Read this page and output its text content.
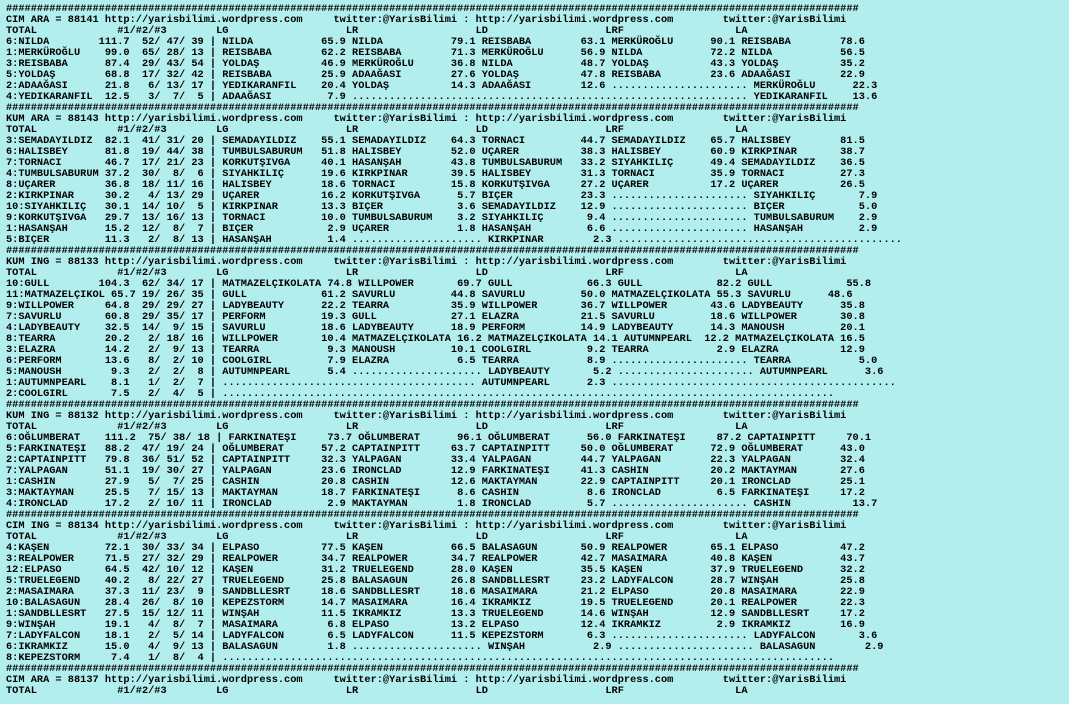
##########################################################################################################################################
CIM ARA = 88141 http://yarisbilimi.wordpress.com     twitter:@YarisBilimi : http://yarisbilimi.wordpress.com        twitter:@YarisBilimi
TOTAL             #1/#2/#3        LG                   LR                   LD                   LRF                  LA
6:NILDA        111.7  52/ 47/ 39 | NILDA           65.9 NILDA           79.1 REISBABA        63.1 MERKÜROĞLU      90.1 REISBABA        78.6
1:MERKÜROĞLU    99.0  65/ 28/ 13 | REISBABA        62.2 REISBABA        71.3 MERKÜROĞLU      56.9 NILDA           72.2 NILDA           56.5
3:REISBABA      87.4  29/ 43/ 54 | YOLDAŞ          46.9 MERKÜROĞLU      36.8 NILDA           48.7 YOLDAŞ          43.3 YOLDAŞ          35.2
5:YOLDAŞ        68.8  17/ 32/ 42 | REISBABA        25.9 ADAAĞASI        27.6 YOLDAŞ          47.8 REISBABA        23.6 ADAAĞASI        22.9
2:ADAAĞASI      21.8   6/ 13/ 17 | YEDIKARANFIL    20.4 YOLDAŞ          14.3 ADAAĞASI        12.6 ...................... MERKÜROĞLU      22.3
4:YEDIKARANFIL  12.5   3/  7/  5 | ADAAĞASI         7.9 ................................................................ YEDIKARANFIL    13.6
##########################################################################################################################################
KUM ARA = 88143 http://yarisbilimi.wordpress.com     twitter:@YarisBilimi : http://yarisbilimi.wordpress.com        twitter:@YarisBilimi
TOTAL             #1/#2/#3        LG                   LR                   LD                   LRF                  LA
3:SEMADAYILDIZ  82.1  41/ 31/ 20 | SEMADAYILDIZ    55.1 SEMADAYILDIZ    64.3 TORNACI         44.7 SEMADAYILDIZ    65.7 HALISBEY        81.5
6:HALISBEY      81.8  19/ 44/ 38 | TUMBULSABURUM   51.8 HALISBEY        52.0 UÇARER          38.3 HALISBEY        60.9 KIRKPINAR       38.7
7:TORNACI       46.7  17/ 21/ 23 | KORKUTŞIVGA     40.1 HASANŞAH        43.8 TUMBULSABURUM   33.2 SIYAHKILIÇ      49.4 SEMADAYILDIZ    36.5
4:TUMBULSABURUM 37.2  30/  8/  6 | SIYAHKILIÇ      19.6 KIRKPINAR       39.5 HALISBEY        31.3 TORNACI         35.9 TORNACI         27.3
8:UÇARER        36.8  18/ 11/ 16 | HALISBEY        18.6 TORNACI         15.8 KORKUTŞIVGA     27.2 UÇARER          17.2 UÇARER          26.5
2:KIRKPINAR     30.2   4/ 13/ 29 | UÇARER          16.2 KORKUTŞIVGA      5.7 BIÇER           23.3 ...................... SIYAHKILIÇ       7.9
10:SIYAHKILIÇ   30.1  14/ 10/  5 | KIRKPINAR       13.3 BIÇER            3.6 SEMADAYILDIZ    12.9 ...................... BIÇER            5.0
9:KORKUTŞIVGA   29.7  13/ 16/ 13 | TORNACI         10.0 TUMBULSABURUM    3.2 SIYAHKILIÇ       9.4 ...................... TUMBULSABURUM    2.9
1:HASANŞAH      15.2  12/  8/  7 | BIÇER            2.9 UÇARER           1.8 HASANŞAH         6.6 ...................... HASANŞAH         2.9
5:BIÇER         11.3   2/  8/ 13 | HASANŞAH         1.4 ..................... KIRKPINAR        2.3 ..............................................
##########################################################################################################################################
KUM ING = 88133 http://yarisbilimi.wordpress.com     twitter:@YarisBilimi : http://yarisbilimi.wordpress.com        twitter:@YarisBilimi
TOTAL             #1/#2/#3        LG                   LR                   LD                   LRF                  LA
10:GULL        104.3  62/ 34/ 17 | MATMAZELÇIKOLATA 74.8 WILLPOWER       69.7 GULL            66.3 GULL            82.2 GULL            55.8
11:MATMAZELÇIKOL 65.7 19/ 26/ 35 | GULL            61.2 SAVURLU         44.8 SAVURLU         50.0 MATMAZELÇIKOLATA 55.3 SAVURLU      48.6
9:WILLPOWER     64.8  29/ 29/ 27 | LADYBEAUTY      22.2 TEARRA          35.9 WILLPOWER       36.7 WILLPOWER       43.6 LADYBEAUTY      35.8
7:SAVURLU       60.8  29/ 35/ 17 | PERFORM         19.3 GULL            27.1 ELAZRA          21.5 SAVURLU         18.6 WILLPOWER       30.8
4:LADYBEAUTY    32.5  14/  9/ 15 | SAVURLU         18.6 LADYBEAUTY      18.9 PERFORM         14.9 LADYBEAUTY      14.3 MANOUSH         20.1
8:TEARRA        20.2   2/ 18/ 16 | WILLPOWER       10.4 MATMAZELÇIKOLATA 16.2 MATMAZELÇIKOLATA 14.1 AUTUMNPEARL  12.2 MATMAZELÇIKOLATA 16.5
3:ELAZRA        14.2   2/  9/ 13 | TEARRA           9.3 MANOUSH         10.1 COOLGIRL         9.2 TEARRA           2.9 ELAZRA          12.9
6:PERFORM       13.6   8/  2/ 10 | COOLGIRL         7.9 ELAZRA           6.5 TEARRA           8.9 ...................... TEARRA           5.0
5:MANOUSH        9.3   2/  2/  8 | AUTUMNPEARL      5.4 ..................... LADYBEAUTY       5.2 ...................... AUTUMNPEARL      3.6
1:AUTUMNPEARL    8.1   1/  2/  7 | ......................................... AUTUMNPEARL      2.3 ..............................................
2:COOLGIRL       7.5   2/  4/  5 | ...................................................................................................
##########################################################################################################################################
KUM ING = 88132 http://yarisbilimi.wordpress.com     twitter:@YarisBilimi : http://yarisbilimi.wordpress.com        twitter:@YarisBilimi
TOTAL             #1/#2/#3        LG                   LR                   LD                   LRF                  LA
6:OĞLUMBERAT    111.2  75/ 38/ 18 | FARKINATEŞI     73.7 OĞLUMBERAT      96.1 OĞLUMBERAT      56.0 FARKINATEŞI     87.2 CAPTAINPITT     70.1
5:FARKINATEŞI   88.2  47/ 19/ 24 | OĞLUMBERAT      57.2 CAPTAINPITT     63.7 CAPTAINPITT     50.0 OĞLUMBERAT      72.9 OĞLUMBERAT      43.0
2:CAPTAINPITT   79.8  36/ 51/ 52 | CAPTAINPITT     32.3 YALPAGAN        33.4 YALPAGAN        44.7 YALPAGAN        22.3 YALPAGAN        32.4
7:YALPAGAN      51.1  19/ 30/ 27 | YALPAGAN        23.6 IRONCLAD        12.9 FARKINATEŞI     41.3 CASHIN          20.2 MAKTAYMAN       27.6
1:CASHIN        27.9   5/  7/ 25 | CASHIN          20.8 CASHIN          12.6 MAKTAYMAN       22.9 CAPTAINPITT     20.1 IRONCLAD        25.1
3:MAKTAYMAN     25.5   7/ 15/ 13 | MAKTAYMAN       18.7 FARKINATEŞI      8.6 CASHIN           8.6 IRONCLAD         6.5 FARKINATEŞI     17.2
4:IRONCLAD      17.2   2/ 10/ 11 | IRONCLAD         2.9 MAKTAYMAN        1.8 IRONCLAD         5.7 ...................... CASHIN          13.7
##########################################################################################################################################
CIM ING = 88134 http://yarisbilimi.wordpress.com     twitter:@YarisBilimi : http://yarisbilimi.wordpress.com        twitter:@YarisBilimi
TOTAL             #1/#2/#3        LG                   LR                   LD                   LRF                  LA
4:KAŞEN         72.1  30/ 33/ 34 | ELPASO          77.5 KAŞEN           66.5 BALASAGUN       50.9 REALPOWER       65.1 ELPASO          47.2
3:REALPOWER     71.5  27/ 32/ 29 | REALPOWER       34.7 REALPOWER       34.7 REALPOWER       42.7 MASAIMARA       40.8 KAŞEN           43.7
12:ELPASO       64.5  42/ 10/ 12 | KAŞEN           31.2 TRUELEGEND      28.0 KAŞEN           35.5 KAŞEN           37.9 TRUELEGEND      32.2
5:TRUELEGEND    40.2   8/ 22/ 27 | TRUELEGEND      25.8 BALASAGUN       26.8 SANDBLLESRT     23.2 LADYFALCON      28.7 WINŞAH          25.8
2:MASAIMARA     37.3  11/ 23/  9 | SANDBLLESRT     18.6 SANDBLLESRT     18.6 MASAIMARA       21.2 ELPASO          20.8 MASAIMARA       22.9
10:BALASAGUN    28.4  26/  8/ 10 | KEPEZSTORM      14.7 MASAIMARA       16.4 IKRAMKIZ        19.5 TRUELEGEND      20.1 REALPOWER       22.3
1:SANDBLLESRT   27.5  15/ 12/ 11 | WINŞAH          11.5 IKRAMKIZ        13.3 TRUELEGEND      14.6 WINŞAH          12.9 SANDBLLESRT     17.2
9:WINŞAH        19.1   4/  8/  7 | MASAIMARA        6.8 ELPASO          13.2 ELPASO          12.4 IKRAMKIZ         2.9 IKRAMKIZ        16.9
7:LADYFALCON    18.1   2/  5/ 14 | LADYFALCON       6.5 LADYFALCON      11.5 KEPEZSTORM       6.3 ...................... LADYFALCON       3.6
6:IKRAMKIZ      15.0   4/  9/ 13 | BALASAGUN        1.8 ..................... WINŞAH           2.9 ...................... BALASAGUN        2.9
8:KEPEZSTORM     7.4   1/  8/  4 | ...................................................................................................
##########################################################################################################################################
CIM ARA = 88137 http://yarisbilimi.wordpress.com     twitter:@YarisBilimi : http://yarisbilimi.wordpress.com        twitter:@YarisBilimi
TOTAL             #1/#2/#3        LG                   LR                   LD                   LRF                  LA
